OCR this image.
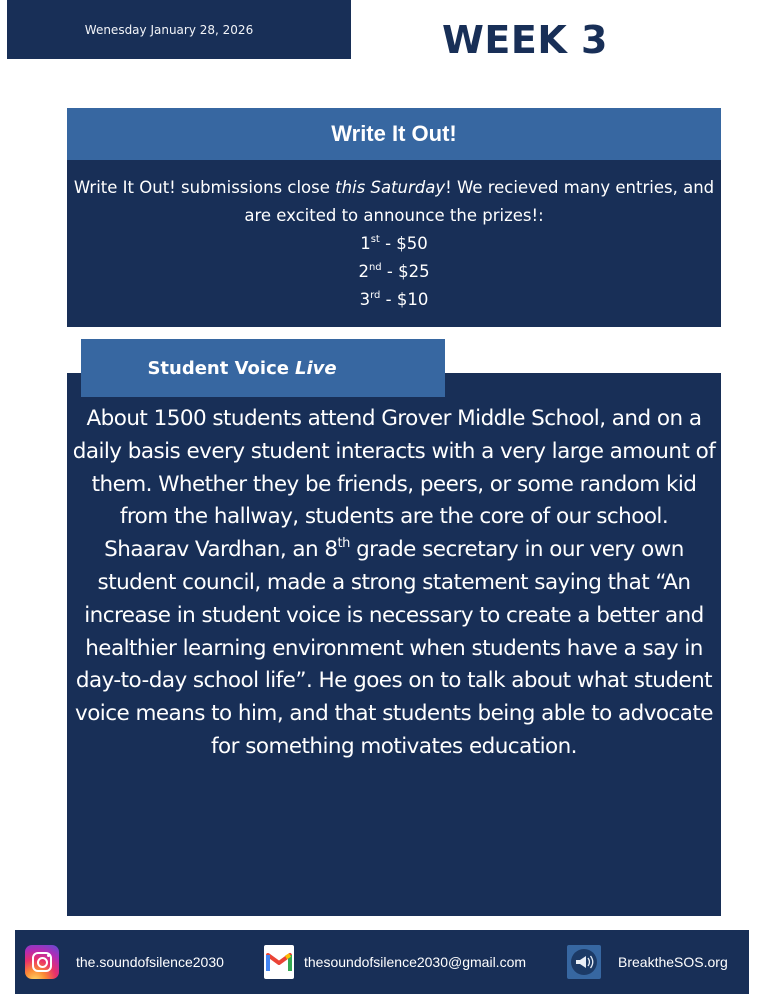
Wenesday January 28, 2026	WEEK 3
Write It Out!

Write It Out! submissions close this Saturday! We recieved many entries, and are excited to announce the prizes!:

1st - $50

2nd - $25

3rd - $10

Student Voice Live

About 1500 students attend Grover Middle School, and on a daily basis every student interacts with a very large amount of them. Whether they be friends, peers, or some random kid from the hallway, students are the core of our school.

Shaarav Vardhan, an 8th grade secretary in our very own student council, made a strong statement saying that “An increase in student voice is necessary to create a better and healthier learning environment when students have a say in day-to-day school life”. He goes on to talk about what student voice means to him, and that students being able to advocate for something motivates education.

the.soundofsilence2030	thesoundofsilence2030@gmail.com	BreaktheSOS.org
